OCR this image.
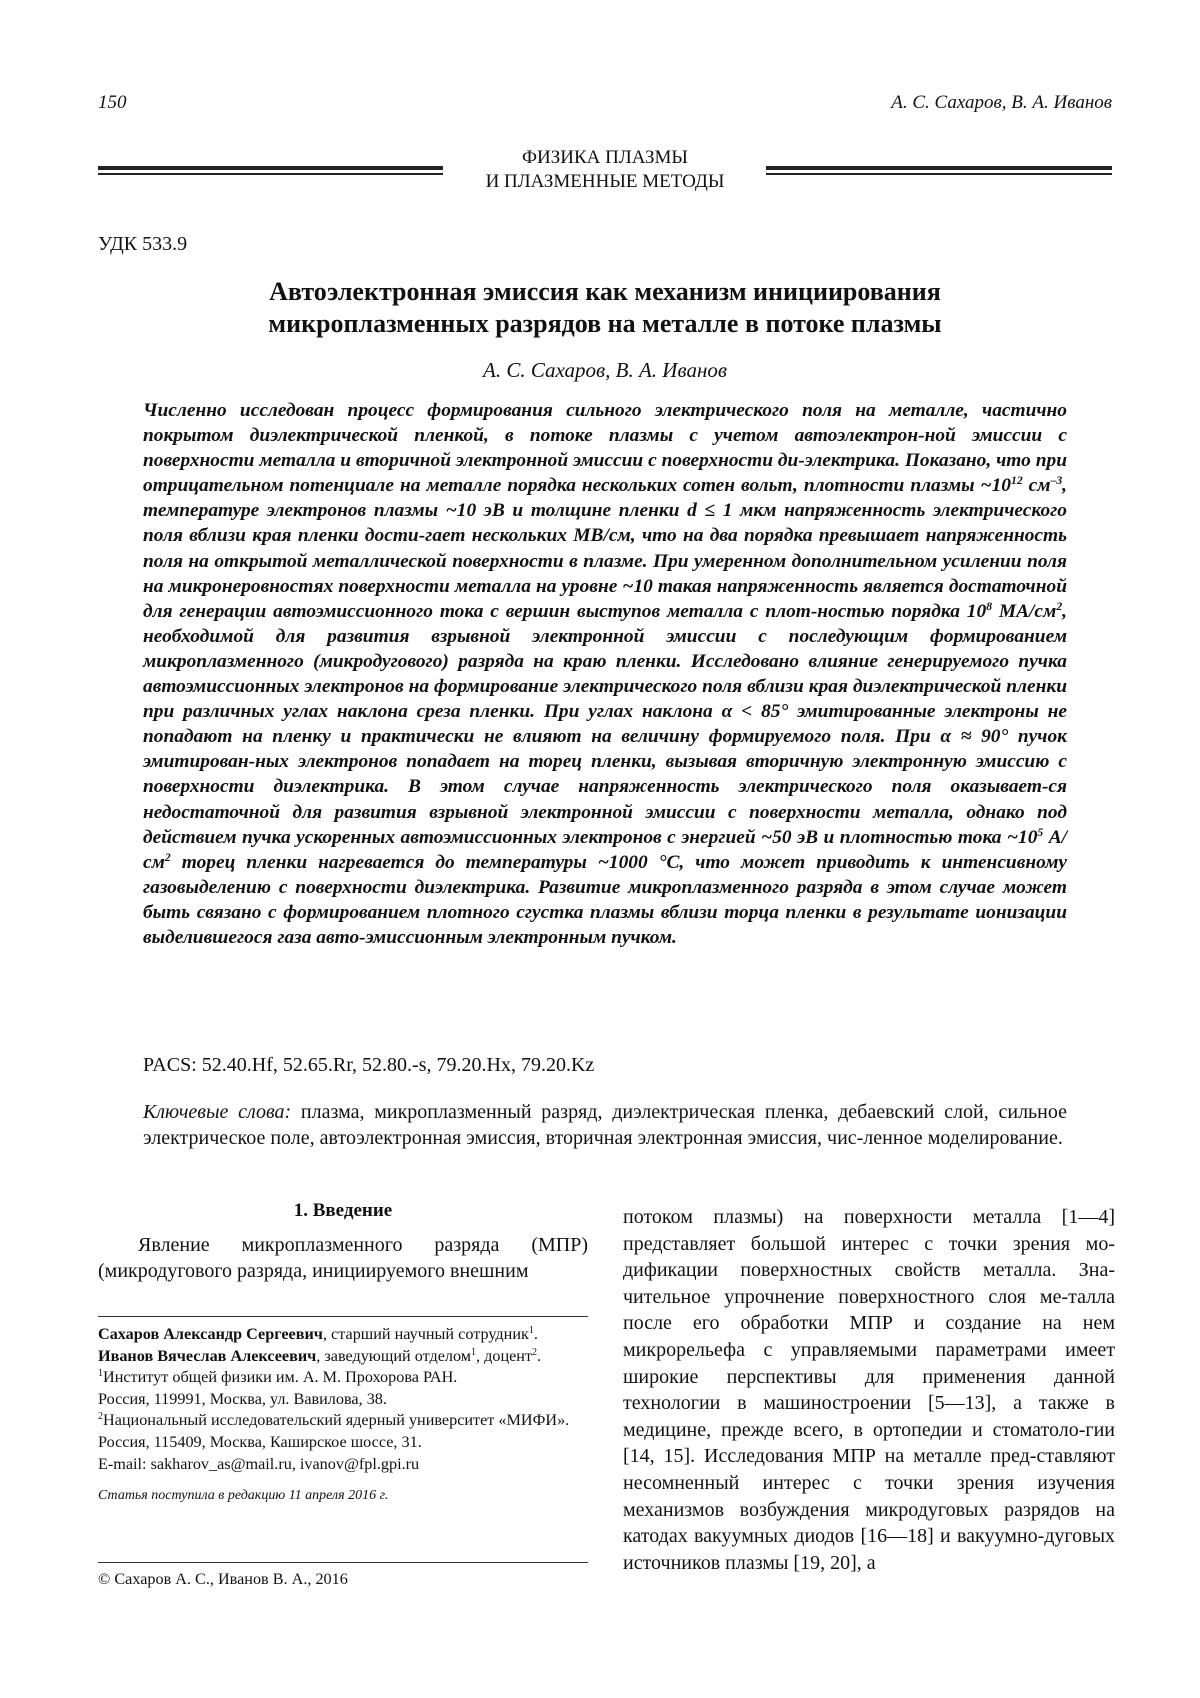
150	А. С. Сахаров, В. А. Иванов
ФИЗИКА ПЛАЗМЫ
И ПЛАЗМЕННЫЕ МЕТОДЫ
УДК 533.9
Автоэлектронная эмиссия как механизм инициирования
микроплазменных разрядов на металле в потоке плазмы
А. С. Сахаров, В. А. Иванов
Численно исследован процесс формирования сильного электрического поля на металле, частично покрытом диэлектрической пленкой, в потоке плазмы с учетом автоэлектрон-ной эмиссии с поверхности металла и вторичной электронной эмиссии с поверхности ди-электрика. Показано, что при отрицательном потенциале на металле порядка нескольких сотен вольт, плотности плазмы $\sim 10^{12}$ $см^{-3}$, температуре электронов плазмы ~10 эВ и толщине пленки d ≤ 1 мкм напряженность электрического поля вблизи края пленки дости-гает нескольких МВ/см, что на два порядка превышает напряженность поля на открытой металлической поверхности в плазме. При умеренном дополнительном усилении поля на микронеровностях поверхности металла на уровне ~10 такая напряженность является достаточной для генерации автоэмиссионного тока с вершин выступов металла с плот-ностью порядка $10^8$ $МА/см^2$, необходимой для развития взрывной электронной эмиссии с последующим формированием микроплазменного (микродугового) разряда на краю пленки. Исследовано влияние генерируемого пучка автоэмиссионных электронов на формирование электрического поля вблизи края диэлектрической пленки при различных углах наклона среза пленки. При углах наклона α < 85° эмитированные электроны не попадают на пленку и практически не влияют на величину формируемого поля. При α ≈ 90° пучок эмитирован-ных электронов попадает на торец пленки, вызывая вторичную электронную эмиссию с поверхности диэлектрика. В этом случае напряженность электрического поля оказывает-ся недостаточной для развития взрывной электронной эмиссии с поверхности металла, однако под действием пучка ускоренных автоэмиссионных электронов с энергией ~50 эВ и плотностью тока $\sim 10^5$ $А/см^2$ торец пленки нагревается до температуры ~1000 °С, что может приводить к интенсивному газовыделению с поверхности диэлектрика. Развитие микроплазменного разряда в этом случае может быть связано с формированием плотного сгустка плазмы вблизи торца пленки в результате ионизации выделившегося газа авто-эмиссионным электронным пучком.
PACS: 52.40.Hf, 52.65.Rr, 52.80.-s, 79.20.Hx, 79.20.Kz
Ключевые слова: плазма, микроплазменный разряд, диэлектрическая пленка, дебаевский слой, сильное электрическое поле, автоэлектронная эмиссия, вторичная электронная эмиссия, чис-ленное моделирование.
1. Введение
Явление микроплазменного разряда (МПР) (микродугового разряда, инициируемого внешним

Сахаров Александр Сергеевич, старший научный сотрудник$^1$.

Иванов Вячеслав Алексеевич, заведующий отделом$^1$, доцент$^2$.

$^1$Институт общей физики им. А. М. Прохорова РАН.

Россия, 119991, Москва, ул. Вавилова, 38.

$^2$Национальный исследовательский ядерный университет «МИФИ».

Россия, 115409, Москва, Каширское шоссе, 31.

E-mail: sakharov_as@mail.ru, ivanov@fpl.gpi.ru

Статья поступила в редакцию 11 апреля 2016 г.

© Сахаров А. С., Иванов В. А., 2016
потоком плазмы) на поверхности металла [1—4] представляет большой интерес с точки зрения мо-дификации поверхностных свойств металла. Зна-чительное упрочнение поверхностного слоя ме-талла после его обработки МПР и создание на нем микрорельефа с управляемыми параметрами имеет широкие перспективы для применения данной технологии в машиностроении [5—13], а также в медицине, прежде всего, в ортопедии и стоматоло-гии [14, 15]. Исследования МПР на металле пред-ставляют несомненный интерес с точки зрения изучения механизмов возбуждения микродуговых разрядов на катодах вакуумных диодов [16—18] и вакуумно-дуговых источников плазмы [19, 20], а
